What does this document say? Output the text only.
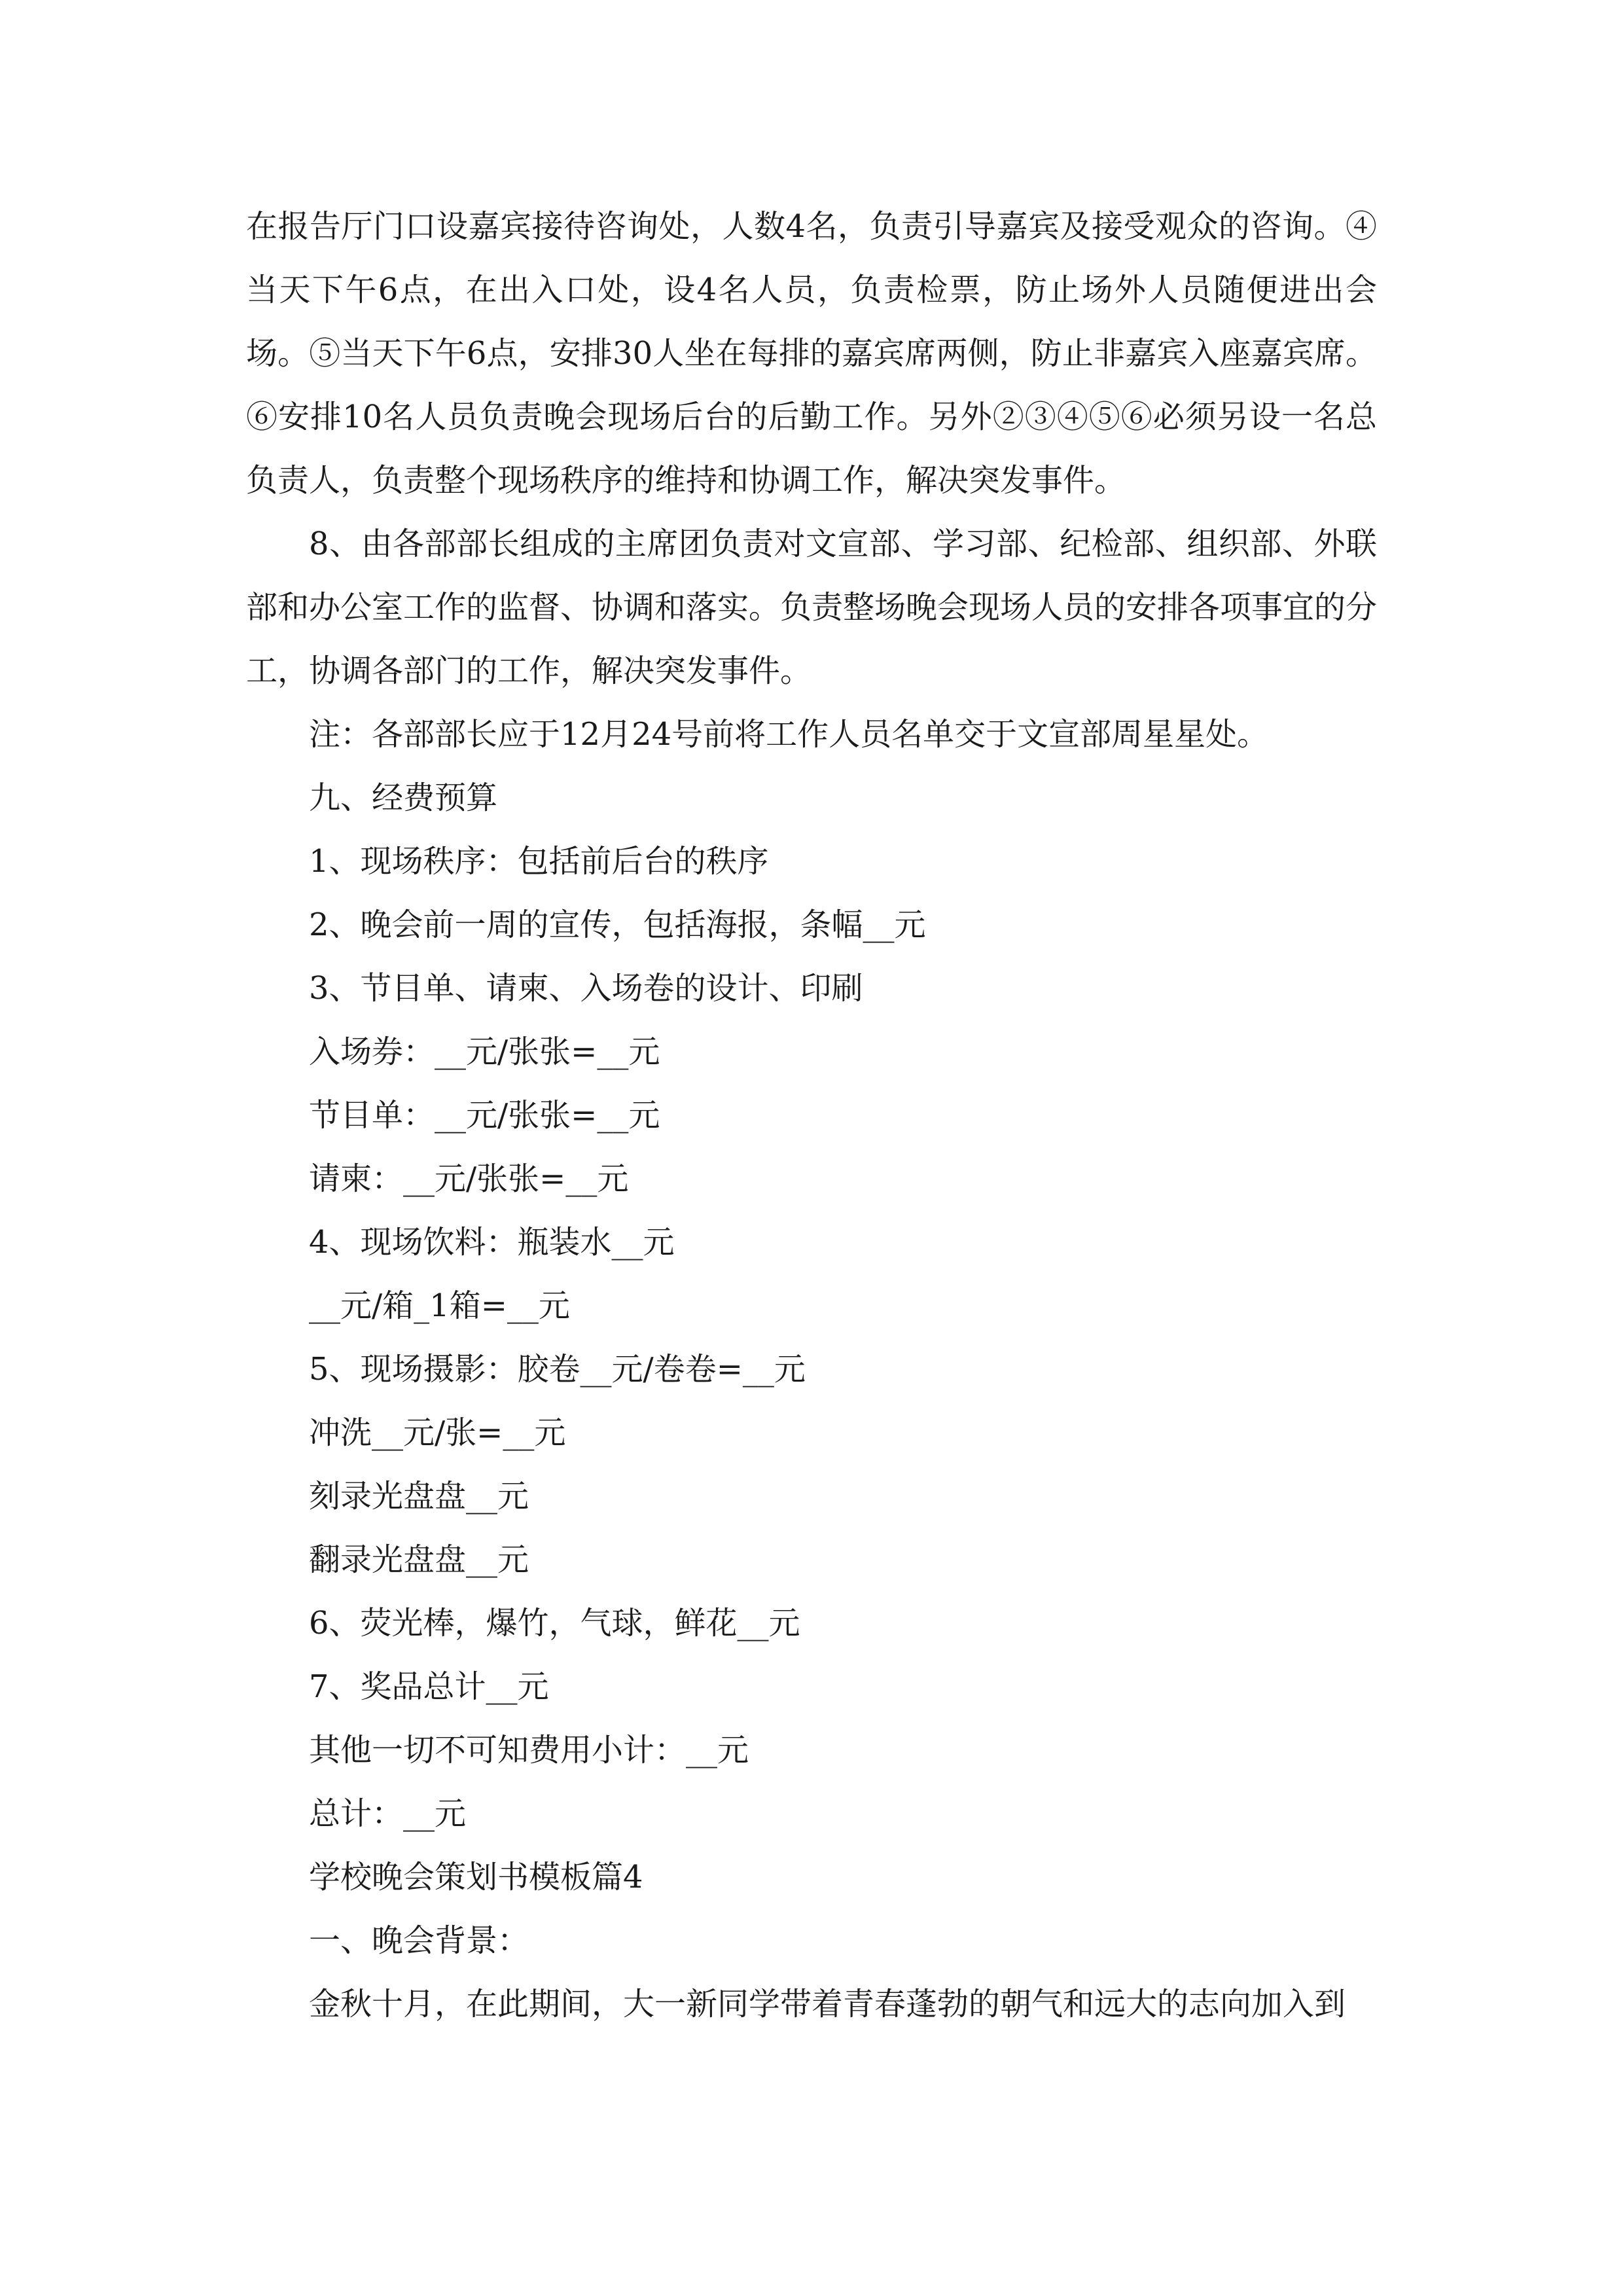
在报告厅门口设嘉宾接待咨询处，人数4名，负责引导嘉宾及接受观众的咨询。④当天下午6点，在出入口处，设4名人员，负责检票，防止场外人员随便进出会场。⑤当天下午6点，安排30人坐在每排的嘉宾席两侧，防止非嘉宾入座嘉宾席。⑥安排10名人员负责晚会现场后台的后勤工作。另外②③④⑤⑥必须另设一名总负责人，负责整个现场秩序的维持和协调工作，解决突发事件。

8、由各部部长组成的主席团负责对文宣部、学习部、纪检部、组织部、外联部和办公室工作的监督、协调和落实。负责整场晚会现场人员的安排各项事宜的分工，协调各部门的工作，解决突发事件。

注：各部部长应于12月24号前将工作人员名单交于文宣部周星星处。

九、经费预算

1、现场秩序：包括前后台的秩序

2、晚会前一周的宣传，包括海报，条幅__元

3、节目单、请柬、入场卷的设计、印刷

入场券：__元/张张=__元

节目单：__元/张张=__元

请柬：__元/张张=__元

4、现场饮料：瓶装水__元

__元/箱_1箱=__元

5、现场摄影：胶卷__元/卷卷=__元

冲洗__元/张=__元

刻录光盘盘__元

翻录光盘盘__元

6、荧光棒，爆竹，气球，鲜花__元

7、奖品总计__元

其他一切不可知费用小计：__元

总计：__元

学校晚会策划书模板篇4

一、晚会背景：

金秋十月，在此期间，大一新同学带着青春蓬勃的朝气和远大的志向加入到
